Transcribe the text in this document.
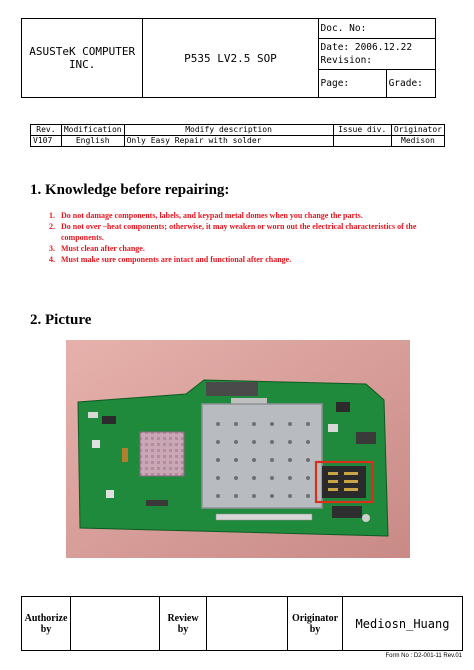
ASUSTeK COMPUTER INC.	P535 LV2.5 SOP	Doc. No:	

		Date: 2006.12.22
Revision:	

		Page:	Grade:
Rev.	Modification	Modify description	Issue div.	Originator
V107	English	Only Easy Repair with solder		Medison
1. Knowledge before repairing:
1. Do not damage components, labels, and keypad metal domes when you change the parts.
2. Do not over –heat components; otherwise, it may weaken or worn out the electrical characteristics of the components.
3. Must clean after change.
4. Must make sure components are intact and functional after change.
2. Picture
Authorize by		Review by		Originator by	Mediosn_Huang
Form No : D2-001-11 Rev.01
